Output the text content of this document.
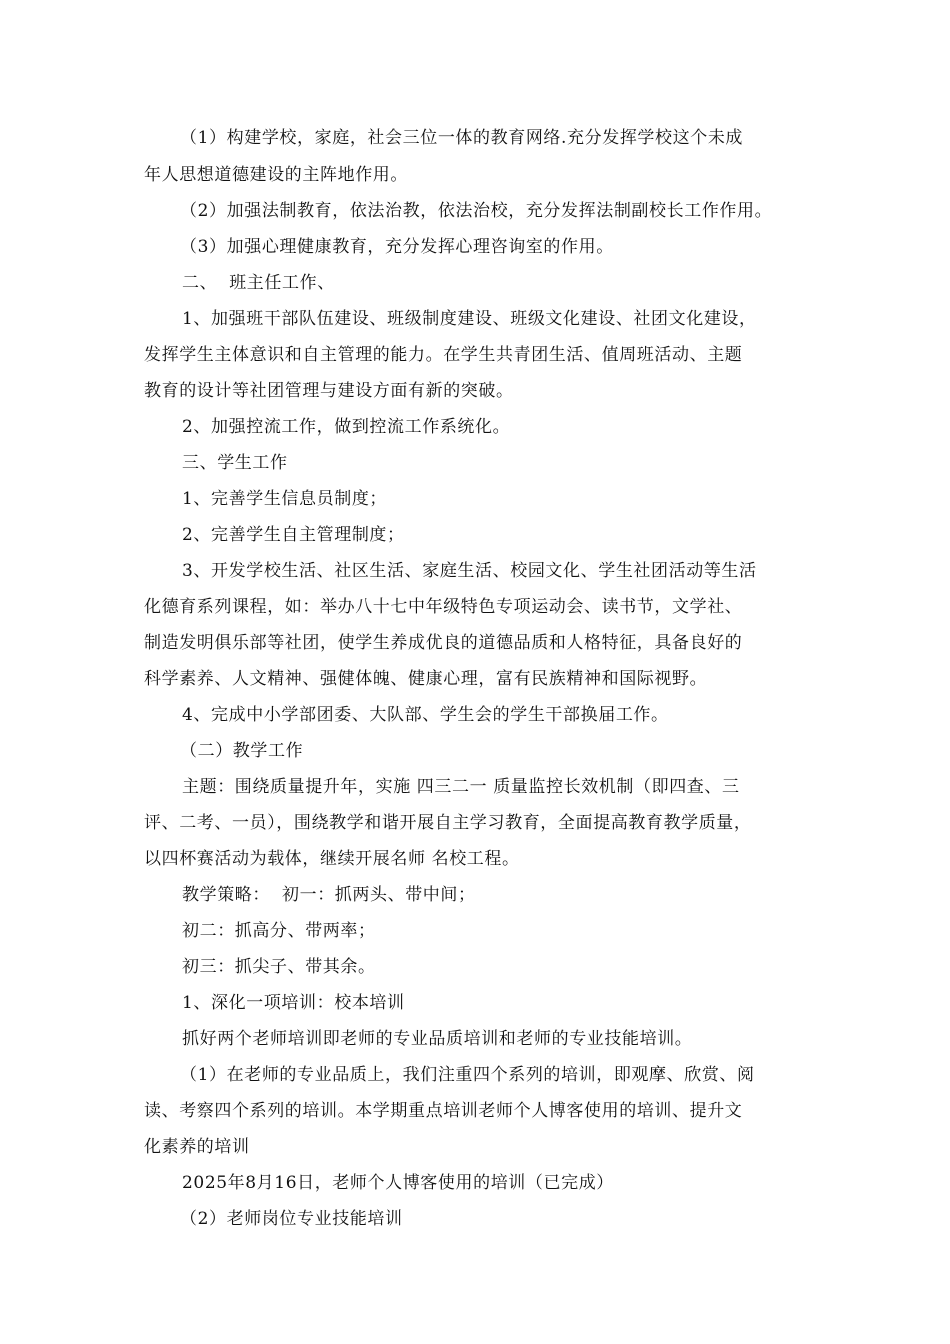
（1）构建学校，家庭，社会三位一体的教育网络.充分发挥学校这个未成
年人思想道德建设的主阵地作用。
（2）加强法制教育，依法治教，依法治校，充分发挥法制副校长工作作用。
（3）加强心理健康教育，充分发挥心理咨询室的作用。
二、  班主任工作、
1、加强班干部队伍建设、班级制度建设、班级文化建设、社团文化建设，
发挥学生主体意识和自主管理的能力。在学生共青团生活、值周班活动、主题
教育的设计等社团管理与建设方面有新的突破。
2、加强控流工作，做到控流工作系统化。
三、学生工作
1、完善学生信息员制度；
2、完善学生自主管理制度；
3、开发学校生活、社区生活、家庭生活、校园文化、学生社团活动等生活
化德育系列课程，如：举办八十七中年级特色专项运动会、读书节，文学社、
制造发明俱乐部等社团，使学生养成优良的道德品质和人格特征，具备良好的
科学素养、人文精神、强健体魄、健康心理，富有民族精神和国际视野。
4、完成中小学部团委、大队部、学生会的学生干部换届工作。
（二）教学工作
主题：围绕质量提升年，实施 四三二一 质量监控长效机制（即四查、三
评、二考、一员），围绕教学和谐开展自主学习教育，全面提高教育教学质量，
以四杯赛活动为载体，继续开展名师 名校工程。
教学策略：  初一：抓两头、带中间；
初二：抓高分、带两率；
初三：抓尖子、带其余。
1、深化一项培训：校本培训
抓好两个老师培训即老师的专业品质培训和老师的专业技能培训。
（1）在老师的专业品质上，我们注重四个系列的培训，即观摩、欣赏、阅
读、考察四个系列的培训。本学期重点培训老师个人博客使用的培训、提升文
化素养的培训
2025年8月16日，老师个人博客使用的培训（已完成）
（2）老师岗位专业技能培训
